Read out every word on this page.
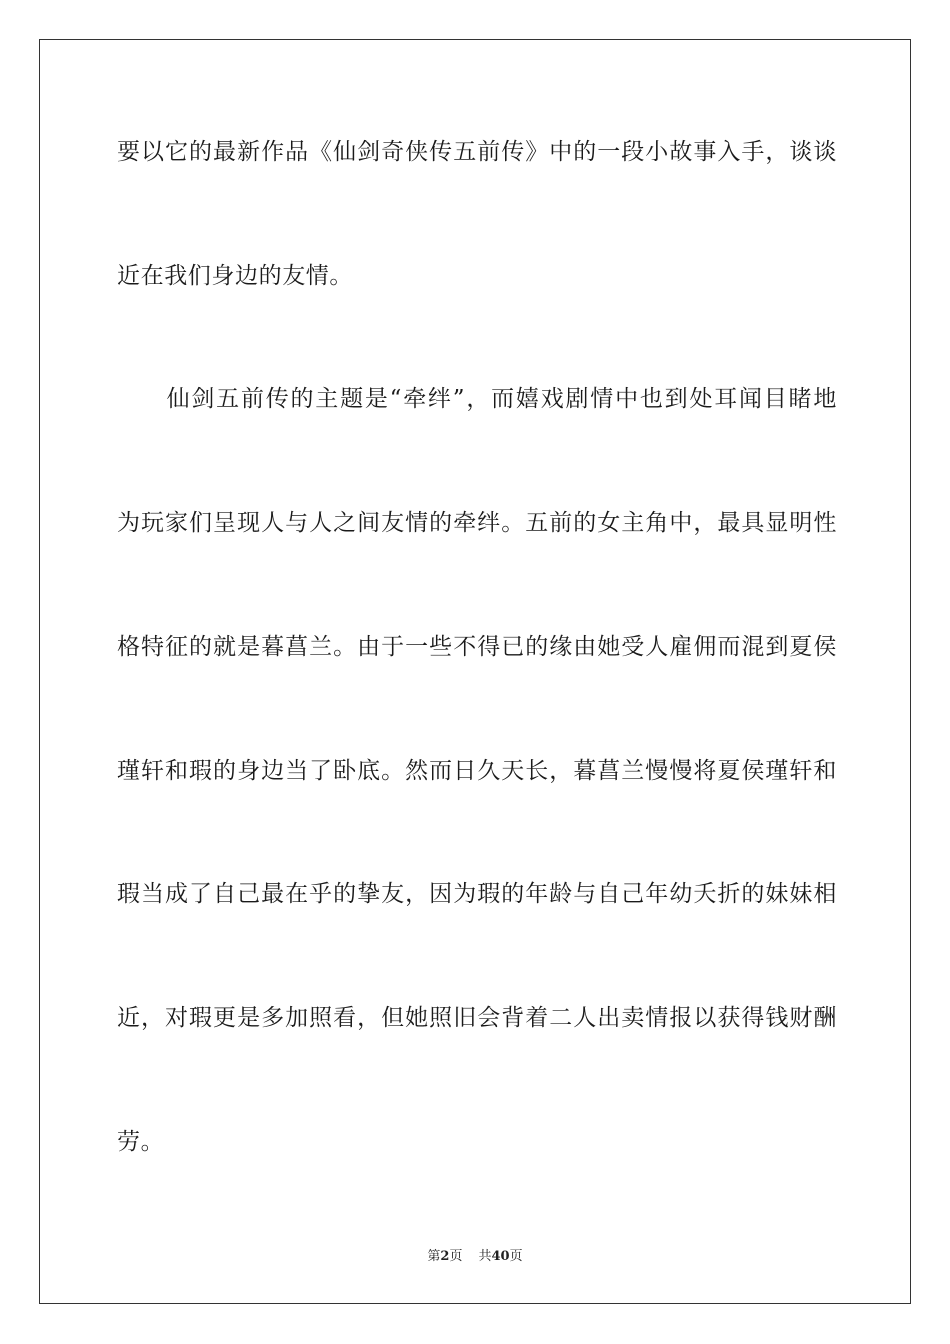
要以它的最新作品《仙剑奇侠传五前传》中的一段小故事入手，谈谈
近在我们身边的友情。
　　仙剑五前传的主题是“牵绊”，而嬉戏剧情中也到处耳闻目睹地
为玩家们呈现人与人之间友情的牵绊。五前的女主角中，最具显明性
格特征的就是暮菖兰。由于一些不得已的缘由她受人雇佣而混到夏侯
瑾轩和瑕的身边当了卧底。然而日久天长，暮菖兰慢慢将夏侯瑾轩和
瑕当成了自己最在乎的挚友，因为瑕的年龄与自己年幼夭折的妹妹相
近，对瑕更是多加照看，但她照旧会背着二人出卖情报以获得钱财酬
劳。
第2页 共40页
